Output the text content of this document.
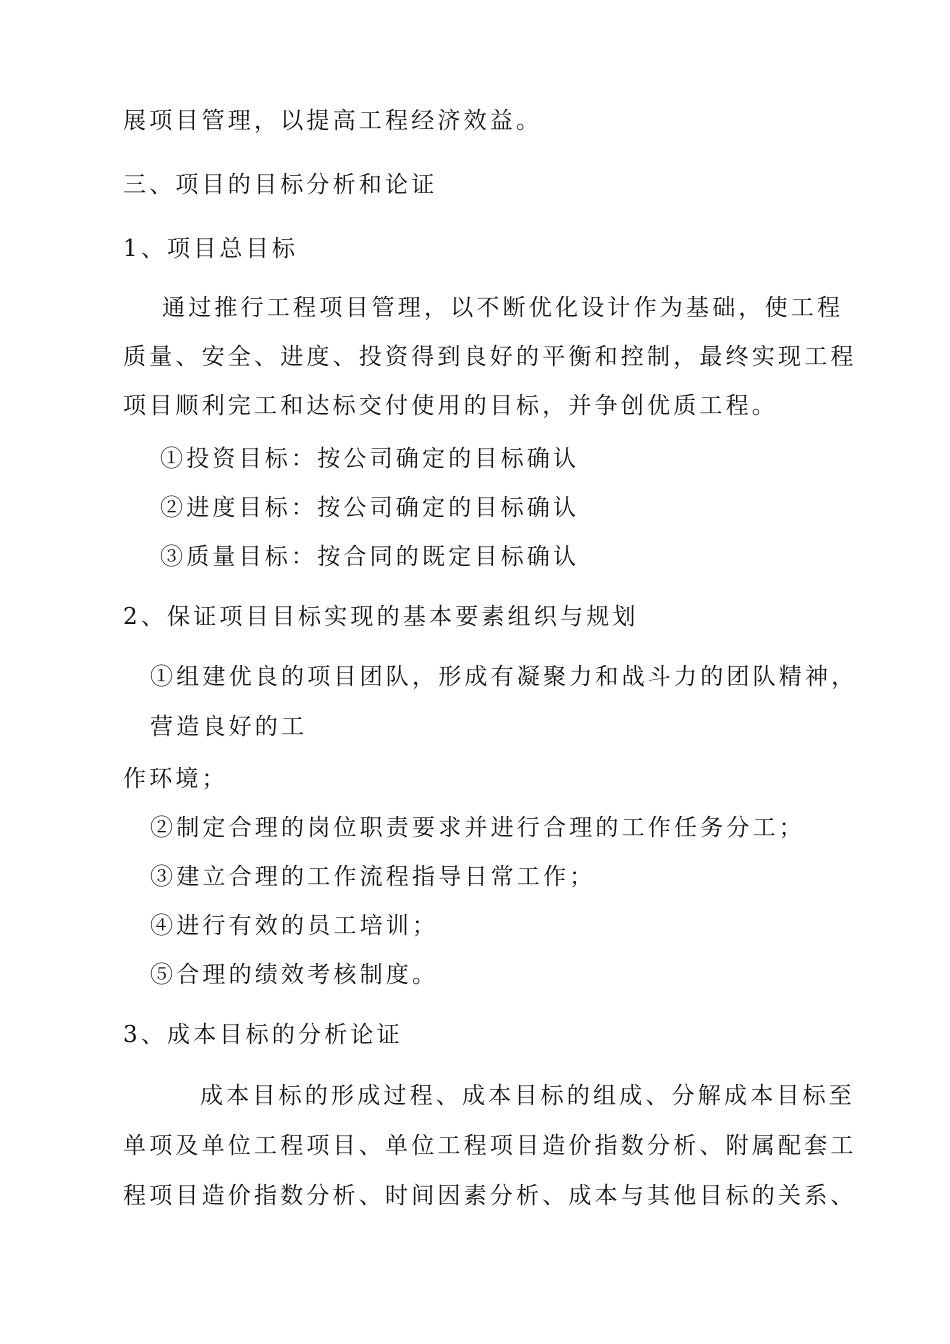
展项目管理，以提高工程经济效益。
三、项目的目标分析和论证
1、项目总目标
通过推行工程项目管理，以不断优化设计作为基础，使工程
质量、安全、进度、投资得到良好的平衡和控制，最终实现工程
项目顺利完工和达标交付使用的目标，并争创优质工程。
①投资目标：按公司确定的目标确认
②进度目标：按公司确定的目标确认
③质量目标：按合同的既定目标确认
2、保证项目目标实现的基本要素组织与规划
①组建优良的项目团队，形成有凝聚力和战斗力的团队精神，
营造良好的工
作环境；
②制定合理的岗位职责要求并进行合理的工作任务分工；
③建立合理的工作流程指导日常工作；
④进行有效的员工培训；
⑤合理的绩效考核制度。
3、成本目标的分析论证
成本目标的形成过程、成本目标的组成、分解成本目标至
单项及单位工程项目、单位工程项目造价指数分析、附属配套工
程项目造价指数分析、时间因素分析、成本与其他目标的关系、
